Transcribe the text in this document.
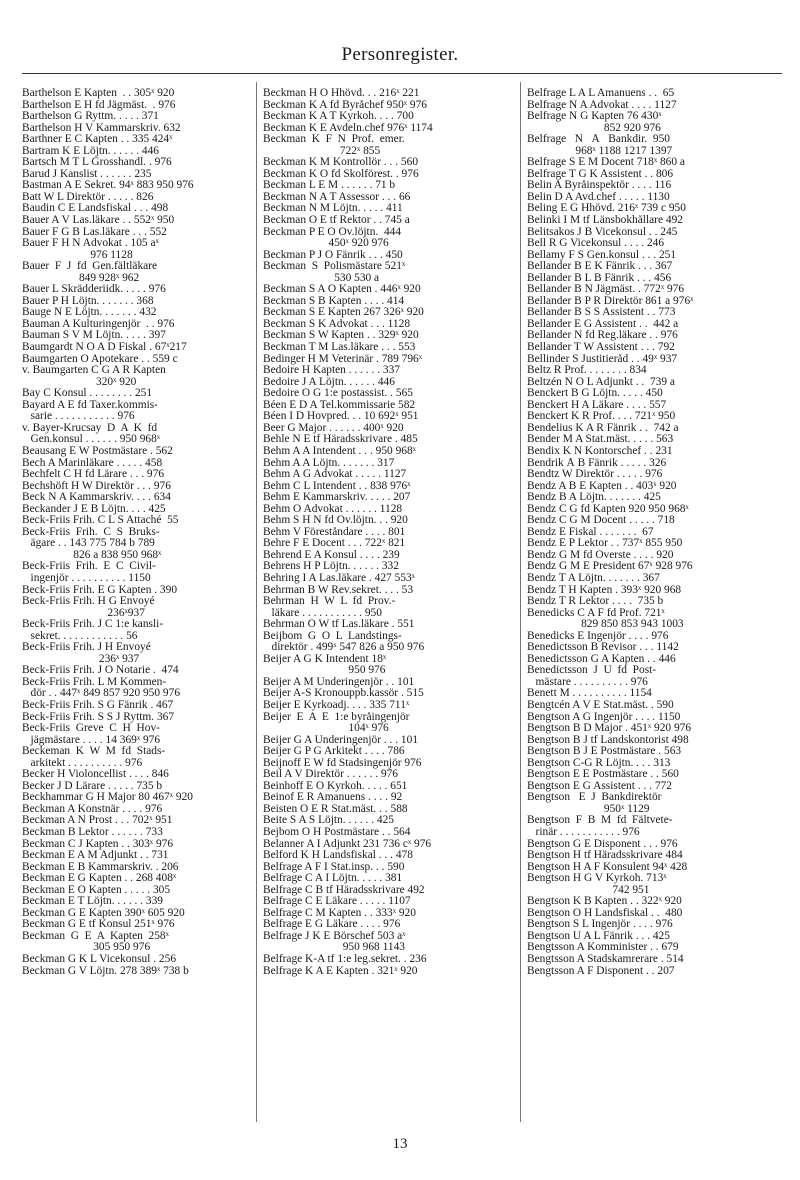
Personregister.
Barthelson E Kapten  . . 305ˣ 920
Barthelson E H fd Jägmäst.  . 976
Barthelson G Ryttm. . . . . 371
Barthelson H V Kammarskriv. 632
Barthner E C Kapten . . 335 424ˣ
Bartram K E Löjtn. . . . . . 446
Bartsch M T L Grosshandl. . 976
Barud J Kanslist . . . . . . 235
Bastman A E Sekret. 94ˣ 883 950 976
Batt W L Direktör . . . . . 826
Baudin C E Landsfiskal . . . 498
Bauer A V Las.läkare . . 552ˣ 950
Bauer F G B Las.läkare . . . 552
Bauer F H N Advokat . 105 aˣ
976 1128
Bauer  F  J  fd  Gen.fältläkare
849 928ˣ 962
Bauer L Skrädderiidk. . . . . 976
Bauer P H Löjtn. . . . . . . 368
Bauge N E Löjtn. . . . . . . 432
Bauman A Kulturingenjör  . . 976
Bauman S V M Löjtn. . . . . 397
Baumgardt N O A D Fiskal . 67ˣ217
Baumgarten O Apotekare . . 559 c
v. Baumgarten C G A R Kapten
320ˣ 920
Bay C Konsul . . . . . . . . 251
Bayard A E fd Taxer.kommis-
sarie . . . . . . . . . . . 976
v. Bayer-Krucsay  D  A  K  fd
Gen.konsul . . . . . . 950 968ˣ
Beausang E W Postmästare . 562
Bech A Marinläkare . . . . . 458
Bechfelt C H fd Lärare . . . 976
Bechshöft H W Direktör . . . 976
Beck N A Kammarskriv. . . . 634
Beckander J E B Löjtn. . . . 425
Beck-Friis Frih. C L S Attaché  55
Beck-Friis  Frih.  C  S  Bruks-
ägare . . 143 775 784 b 789
826 a 838 950 968ˣ
Beck-Friis  Frih.  E  C  Civil-
ingenjör . . . . . . . . . . 1150
Beck-Friis Frih. E G Kapten . 390
Beck-Friis Frih. H G Envoyé
236ˣ937
Beck-Friis Frih. J C 1:e kansli-
sekret. . . . . . . . . . . . 56
Beck-Friis Frih. J H Envoyé
236ˣ 937
Beck-Friis Frih. J O Notarie .  474
Beck-Friis Frih. L M Kommen-
dör . . 447ˣ 849 857 920 950 976
Beck-Friis Frih. S G Fänrik . 467
Beck-Friis Frih. S S J Ryttm. 367
Beck-Friis  Greve  C  H  Hov-
jägmästare . . . . 14 369ˣ 976
Beckeman  K  W  M  fd  Stads-
arkitekt . . . . . . . . . . 976
Becker H Violoncellist . . . . 846
Becker J D Lärare . . . . . 735 b
Beckhammar G H Major 80 467ˣ 920
Beckman A Konstnär . . . . 976
Beckman A N Prost . . . 702ˣ 951
Beckman B Lektor . . . . . . 733
Beckman C J Kapten . . 303ˣ 976
Beckman E A M Adjunkt . . 731
Beckman E B Kammarskriv. . 206
Beckman E G Kapten . . 268 408ˣ
Beckman E O Kapten . . . . . 305
Beckman E T Löjtn. . . . . . 339
Beckman G E Kapten 390ˣ 605 920
Beckman G E tf Konsul 251ˣ 976
Beckman  G  E  A  Kapten  258ˣ
305 950 976
Beckman G K L Vicekonsul . 256
Beckman G V Löjtn. 278 389ˣ 738 b
Beckman H O Hhövd. . . 216ˣ 221
Beckman K A fd Byråchef 950ˣ 976
Beckman K A T Kyrkoh. . . . 700
Beckman K E Avdeln.chef 976ˣ 1174
Beckman  K  F  N  Prof.  emer.
722ˣ 855
Beckman K M Kontrollör . . . 560
Beckman K O fd Skolförest. . 976
Beckman L E M . . . . . . 71 b
Beckman N A T Assessor . . . 66
Beckman N M Löjtn. . . . . 411
Beckman O E tf Rektor . . 745 a
Beckman P E O Öv.löjtn.  444
450ˣ 920 976
Beckman P J O Fänrik . . . 450
Beckman  S  Polismästare 521ˣ
530 530 a
Beckman S A O Kapten . 446ˣ 920
Beckman S B Kapten . . . . 414
Beckman S E Kapten 267 326ˣ 920
Beckman S K Advokat . . . 1128
Beckman S W Kapten . . 329ˣ 920
Beckman T M Las.läkare . . . 553
Bedinger H M Veterinär . 789 796ˣ
Bedoire H Kapten . . . . . . 337
Bedoire J A Löjtn. . . . . . 446
Bedoire O G 1:e postassist. . 565
Béen E D A Tel.kommissarie 582
Béen I D Hovpred. . . 10 692ˣ 951
Beer G Major . . . . . . 400ˣ 920
Behle N E tf Häradsskrivare . 485
Behm A A Intendent . . . 950 968ˣ
Behm A A Löjtn. . . . . . . 317
Behm A G Advokat . . . . . 1127
Behm C L Intendent . . 838 976ˣ
Behm E Kammarskriv. . . . . 207
Behm O Advokat . . . . . . 1128
Behm S H N fd Öv.löjtn. . . 920
Behm V Föreståndare . . . . 801
Behre F E Docent . . . 722ˣ 821
Behrend E A Konsul . . . . 239
Behrens H P Löjtn. . . . . . 332
Behring I A Las.läkare . 427 553ˣ
Behrman B W Rev.sekret. . . . 53
Behrman  H  W  L  fd  Prov.-
läkare . . . . . . . . . . . 950
Behrman O W tf Las.läkare . 551
Beijbom  G  O  L  Landstings-
direktör . 499ˣ 547 826 a 950 976
Beijer A G K Intendent 18ˣ
950 976
Beijer A M Underingenjör . . 101
Beijer A-S Kronouppb.kassör . 515
Beijer E Kyrkoadj. . . . 335 711ˣ
Beijer  E  A  E  1:e byråingenjör
104ˣ 976
Beijer G A Underingenjör . . . 101
Beijer G P G Arkitekt . . . . 786
Beijnoff E W fd Stadsingenjör 976
Beil A V Direktör . . . . . . 976
Beinhoff E O Kyrkoh. . . . . 651
Beinof E R Amanuens . . . . 92
Beisten O E R Stat.mäst. . . 588
Beite S A S Löjtn. . . . . . 425
Bejbom O H Postmästare . . 564
Belanner A I Adjunkt 231 736 cˣ 976
Belford K H Landsfiskal . . . 478
Belfrage A F I Stat.insp. . . 590
Belfrage C A I Löjtn. . . . . 381
Belfrage C B tf Häradsskrivare 492
Belfrage C E Läkare . . . . . 1107
Belfrage C M Kapten . . 333ˣ 920
Belfrage E G Läkare . . . . 976
Belfrage J K E Börschef 503 aˣ
950 968 1143
Belfrage K-A tf 1:e leg.sekret. . 236
Belfrage K A E Kapten . 321ˣ 920
Belfrage L A L Amanuens . .  65
Belfrage N A Advokat . . . . 1127
Belfrage N G Kapten 76 430ˣ
852 920 976
Belfrage   N   Å   Bankdir.  950
968ˣ 1188 1217 1397
Belfrage S E M Docent 718ˣ 860 a
Belfrage T G K Assistent . . 806
Belin A Byråinspektör . . . . 116
Belin D A Avd.chef . . . . . 1130
Beling E G Hhövd. 216ˣ 739 c 950
Belinki I M tf Länsbokhållare 492
Belitsakos J B Vicekonsul . . 245
Bell R G Vicekonsul . . . . 246
Bellamy F S Gen.konsul . . . 251
Bellander B E K Fänrik . . . 367
Bellander B L B Fänrik . . . 456
Bellander B N Jägmäst. . 772ˣ 976
Bellander B P R Direktör 861 a 976ˣ
Bellander B S S Assistent . . 773
Bellander E G Assistent . .  442 a
Bellander N fd Reg.läkare . . 976
Bellander T W Assistent . . . 792
Bellinder S Justitieråd . . 49ˣ 937
Beltz R Prof. . . . . . . . 834
Beltzén N O L Adjunkt . .  739 a
Benckert B G Löjtn. . . . . 450
Benckert H A Läkare . . . . 557
Benckert K R Prof. . . . 721ˣ 950
Bendelius K A R Fänrik . .  742 a
Bender M A Stat.mäst. . . . . 563
Bendix K N Kontorschef . . 231
Bendrik Å B Fänrik . . . . . 326
Bendtz W Direktör . . . . . 976
Bendz A B E Kapten . . 403ˣ 920
Bendz B A Löjtn. . . . . . . 425
Bendz C G fd Kapten 920 950 968ˣ
Bendz C G M Docent . . . . . 718
Bendz E Fiskal . . . . . . .  67
Bendz E P Lektor . . 737ˣ 855 950
Bendz G M fd Överste . . . . 920
Bendz G M E President 67ˣ 928 976
Bendz T A Löjtn. . . . . . . 367
Bendz T H Kapten . 393ˣ 920 968
Bendz T R Lektor . . . .  735 b
Benedicks C A F fd Prof. 721ˣ
829 850 853 943 1003
Benedicks E Ingenjör . . . . 976
Benedictsson B Revisor . . . 1142
Benedictsson G A Kapten . . 446
Benedictsson  J  U  fd  Post-
mästare . . . . . . . . . . 976
Benett M . . . . . . . . . . 1154
Bengtcén A V E Stat.mäst. . 590
Bengtson A G Ingenjör . . . . 1150
Bengtson B D Major . 451ˣ 920 976
Bengtson B J tf Landskontorist 498
Bengtson B J E Postmästare . 563
Bengtson C-G R Löjtn. . . . 313
Bengtson E E Postmästare . . 560
Bengtson E G Assistent . . . 772
Bengtson   E  J  Bankdirektör
950ˣ 1129
Bengtson  F  B  M  fd  Fältvete-
rinär . . . . . . . . . . . 976
Bengtson G E Disponent . . . 976
Bengtson H tf Häradsskrivare 484
Bengtson H A F Konsulent 94ˣ 428
Bengtson H G V Kyrkoh. 713ˣ
742 951
Bengtson K B Kapten . . 322ˣ 920
Bengtson O H Landsfiskal . .  480
Bengtson S L Ingenjör . . . . 976
Bengtson U A L Fänrik . . . 425
Bengtsson A Komminister . . 679
Bengtsson A Stadskamrerare . 514
Bengtsson A F Disponent . . 207
13
